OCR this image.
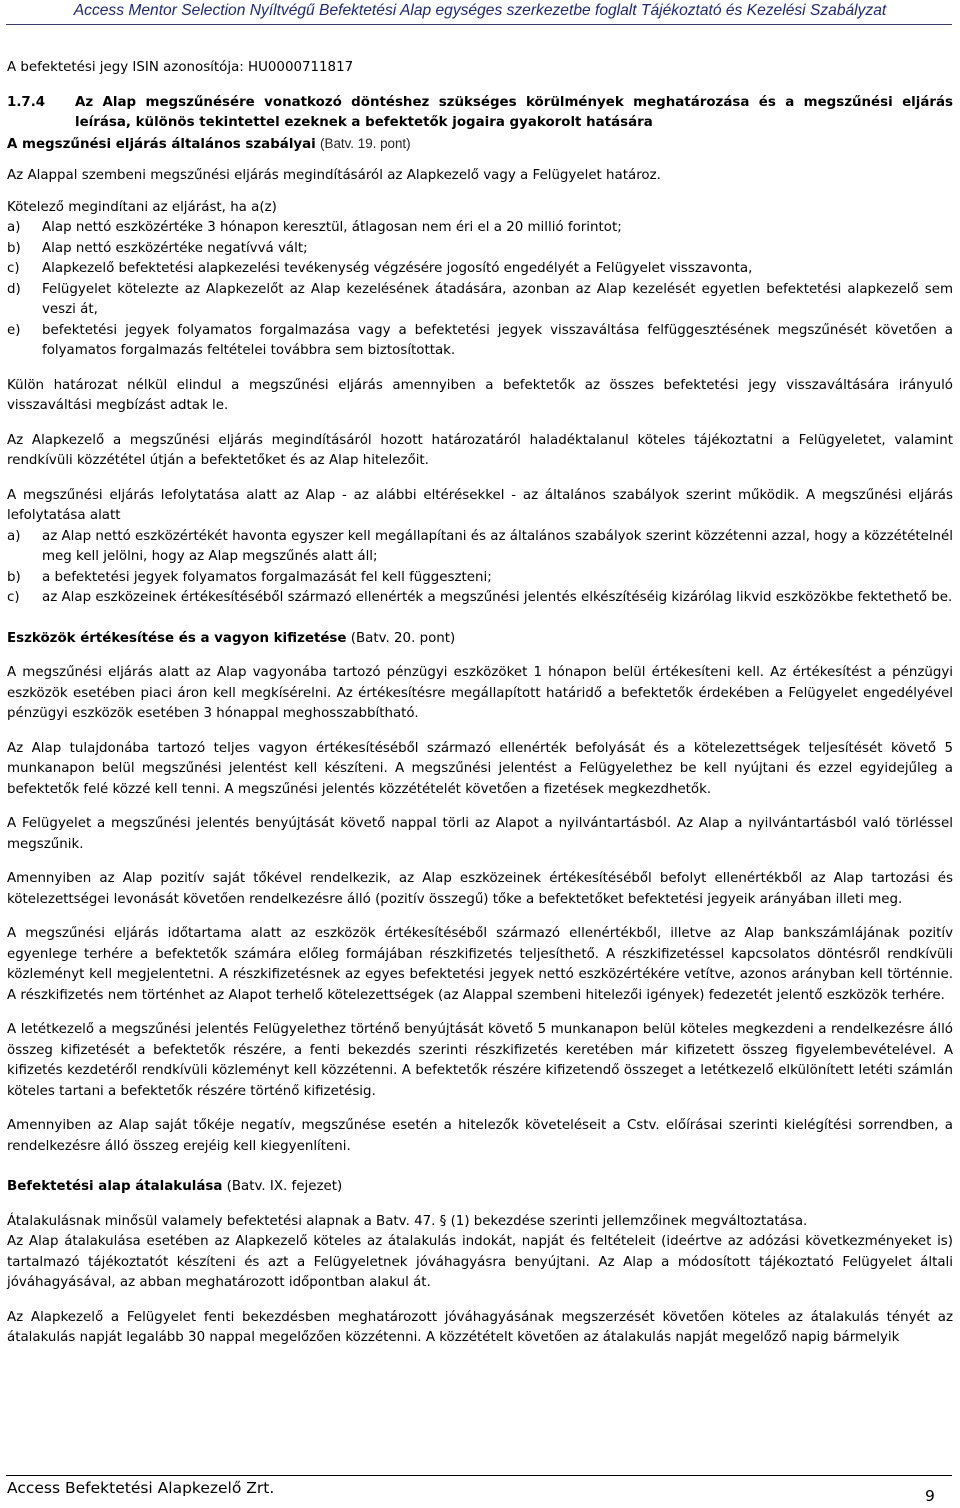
Access Mentor Selection Nyíltvégű Befektetési Alap egységes szerkezetbe foglalt Tájékoztató és Kezelési Szabályzat

A befektetési jegy ISIN azonosítója: HU0000711817

1.7.4	Az Alap megszűnésére vonatkozó döntéshez szükséges körülmények meghatározása és a megszűnési eljárás leírása, különös tekintettel ezeknek a befektetők jogaira gyakorolt hatására

A megszűnési eljárás általános szabályai (Batv. 19. pont)

Az Alappal szembeni megszűnési eljárás megindításáról az Alapkezelő vagy a Felügyelet határoz.

Kötelező megindítani az eljárást, ha a(z)

a)	Alap nettó eszközértéke 3 hónapon keresztül, átlagosan nem éri el a 20 millió forintot;
b)	Alap nettó eszközértéke negatívvá vált;
c)	Alapkezelő befektetési alapkezelési tevékenység végzésére jogosító engedélyét a Felügyelet visszavonta,
d)	Felügyelet kötelezte az Alapkezelőt az Alap kezelésének átadására, azonban az Alap kezelését egyetlen befektetési alapkezelő sem veszi át,
e)	befektetési jegyek folyamatos forgalmazása vagy a befektetési jegyek visszaváltása felfüggesztésének megszűnését követően a folyamatos forgalmazás feltételei továbbra sem biztosítottak.

Külön határozat nélkül elindul a megszűnési eljárás amennyiben a befektetők az összes befektetési jegy visszaváltására irányuló visszaváltási megbízást adtak le.

Az Alapkezelő a megszűnési eljárás megindításáról hozott határozatáról haladéktalanul köteles tájékoztatni a Felügyeletet, valamint rendkívüli közzététel útján a befektetőket és az Alap hitelezőit.

A megszűnési eljárás lefolytatása alatt az Alap - az alábbi eltérésekkel - az általános szabályok szerint működik. A megszűnési eljárás lefolytatása alatt

a)	az Alap nettó eszközértékét havonta egyszer kell megállapítani és az általános szabályok szerint közzétenni azzal, hogy a közzétételnél meg kell jelölni, hogy az Alap megszűnés alatt áll;
b)	a befektetési jegyek folyamatos forgalmazását fel kell függeszteni;
c)	az Alap eszközeinek értékesítéséből származó ellenérték a megszűnési jelentés elkészítéséig kizárólag likvid eszközökbe fektethető be.

Eszközök értékesítése és a vagyon kifizetése (Batv. 20. pont)

A megszűnési eljárás alatt az Alap vagyonába tartozó pénzügyi eszközöket 1 hónapon belül értékesíteni kell. Az értékesítést a pénzügyi eszközök esetében piaci áron kell megkísérelni. Az értékesítésre megállapított határidő a befektetők érdekében a Felügyelet engedélyével pénzügyi eszközök esetében 3 hónappal meghosszabbítható.

Az Alap tulajdonába tartozó teljes vagyon értékesítéséből származó ellenérték befolyását és a kötelezettségek teljesítését követő 5 munkanapon belül megszűnési jelentést kell készíteni. A megszűnési jelentést a Felügyelethez be kell nyújtani és ezzel egyidejűleg a befektetők felé közzé kell tenni. A megszűnési jelentés közzétételét követően a fizetések megkezdhetők.

A Felügyelet a megszűnési jelentés benyújtását követő nappal törli az Alapot a nyilvántartásból. Az Alap a nyilvántartásból való törléssel megszűnik.

Amennyiben az Alap pozitív saját tőkével rendelkezik, az Alap eszközeinek értékesítéséből befolyt ellenértékből az Alap tartozási és kötelezettségei levonását követően rendelkezésre álló (pozitív összegű) tőke a befektetőket befektetési jegyeik arányában illeti meg.

A megszűnési eljárás időtartama alatt az eszközök értékesítéséből származó ellenértékből, illetve az Alap bankszámlájának pozitív egyenlege terhére a befektetők számára előleg formájában részkifizetés teljesíthető. A részkifizetéssel kapcsolatos döntésről rendkívüli közleményt kell megjelentetni. A részkifizetésnek az egyes befektetési jegyek nettó eszközértékére vetítve, azonos arányban kell történnie. A részkifizetés nem történhet az Alapot terhelő kötelezettségek (az Alappal szembeni hitelezői igények) fedezetét jelentő eszközök terhére.

A letétkezelő a megszűnési jelentés Felügyelethez történő benyújtását követő 5 munkanapon belül köteles megkezdeni a rendelkezésre álló összeg kifizetését a befektetők részére, a fenti bekezdés szerinti részkifizetés keretében már kifizetett összeg figyelembevételével. A kifizetés kezdetéről rendkívüli közleményt kell közzétenni. A befektetők részére kifizetendő összeget a letétkezelő elkülönített letéti számlán köteles tartani a befektetők részére történő kifizetésig.

Amennyiben az Alap saját tőkéje negatív, megszűnése esetén a hitelezők követeléseit a Cstv. előírásai szerinti kielégítési sorrendben, a rendelkezésre álló összeg erejéig kell kiegyenlíteni.

Befektetési alap átalakulása (Batv. IX. fejezet)

Átalakulásnak minősül valamely befektetési alapnak a Batv. 47. § (1) bekezdése szerinti jellemzőinek megváltoztatása.

Az Alap átalakulása esetében az Alapkezelő köteles az átalakulás indokát, napját és feltételeit (ideértve az adózási következményeket is) tartalmazó tájékoztatót készíteni és azt a Felügyeletnek jóváhagyásra benyújtani. Az Alap a módosított tájékoztató Felügyelet általi jóváhagyásával, az abban meghatározott időpontban alakul át.

Az Alapkezelő a Felügyelet fenti bekezdésben meghatározott jóváhagyásának megszerzését követően köteles az átalakulás tényét az átalakulás napját legalább 30 nappal megelőzően közzétenni. A közzétételt követően az átalakulás napját megelőző napig bármelyik

Access Befektetési Alapkezelő Zrt.	9
